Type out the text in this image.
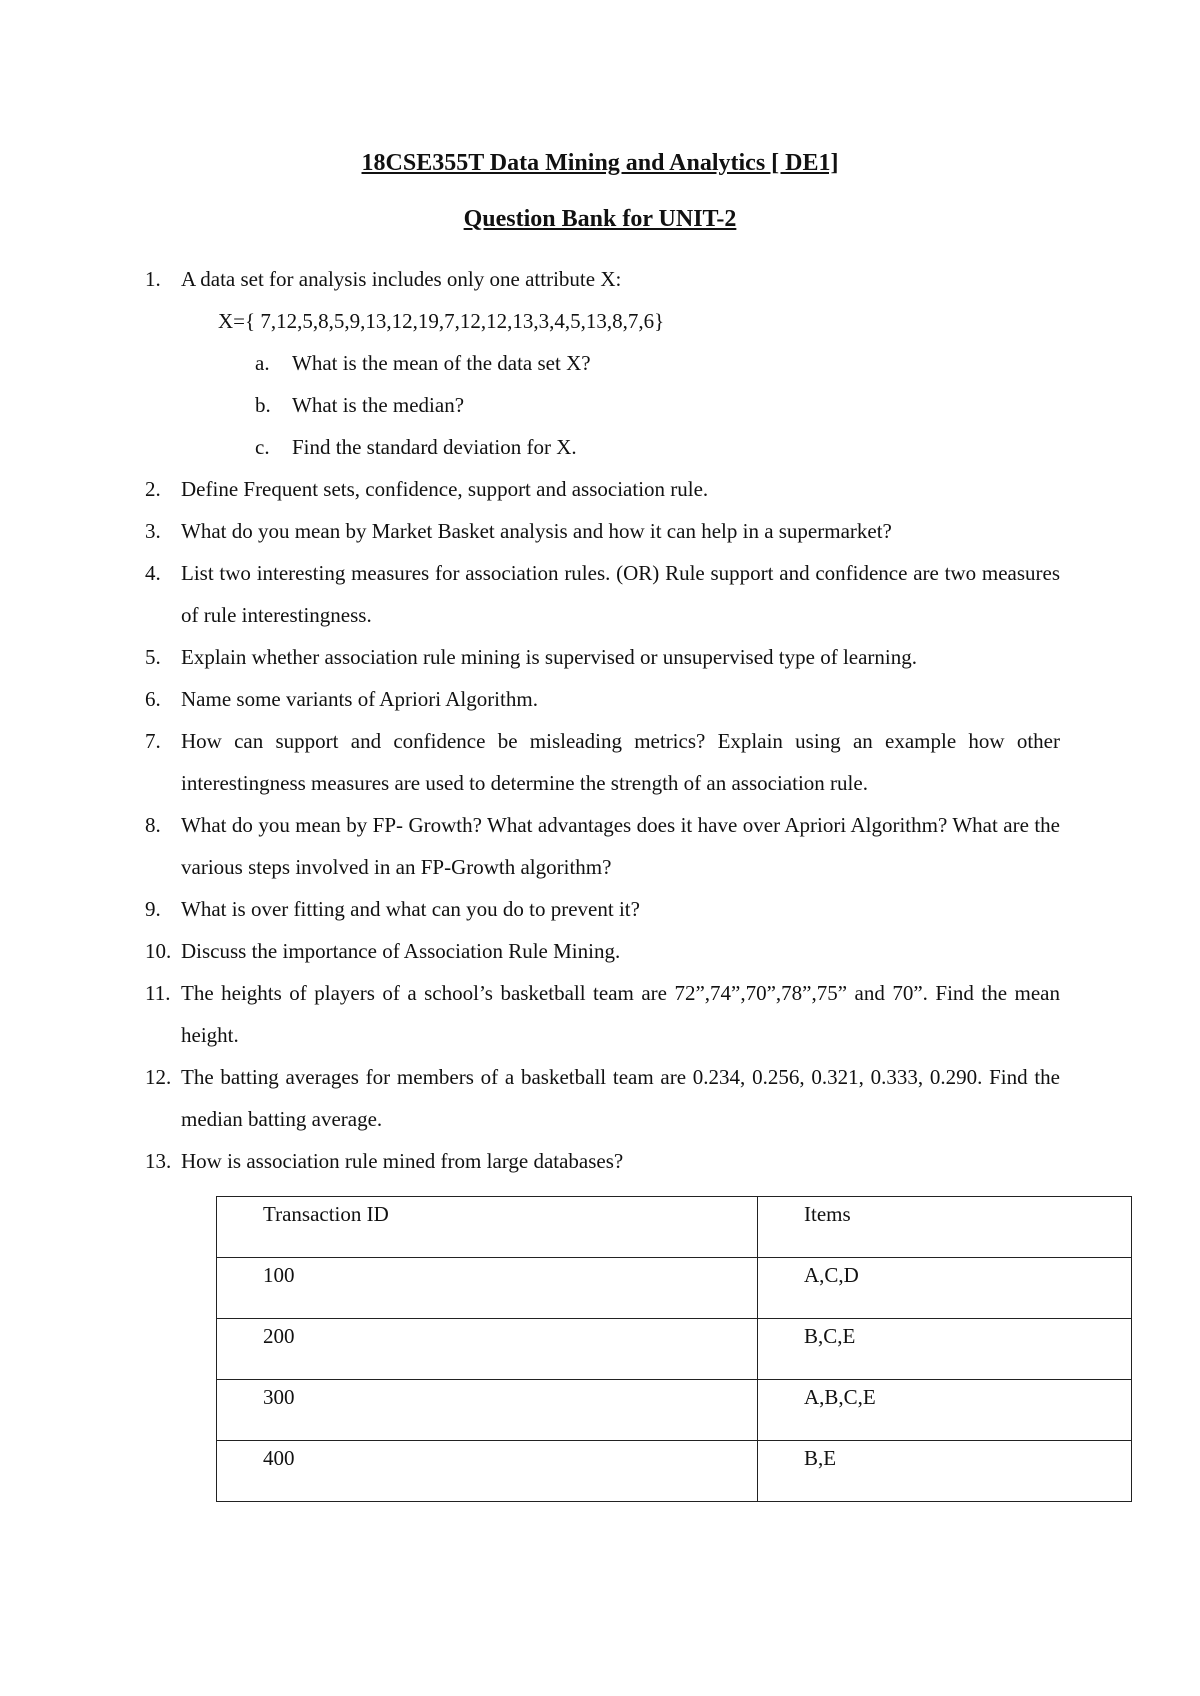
18CSE355T Data Mining and Analytics [ DE1]
Question Bank for UNIT-2
1. A data set for analysis includes only one attribute X:
X={ 7,12,5,8,5,9,13,12,19,7,12,12,13,3,4,5,13,8,7,6}
a. What is the mean of the data set X?
b. What is the median?
c. Find the standard deviation for X.
2. Define Frequent sets, confidence, support and association rule.
3. What do you mean by Market Basket analysis and how it can help in a supermarket?
4. List two interesting measures for association rules. (OR) Rule support and confidence are two measures of rule interestingness.
5. Explain whether association rule mining is supervised or unsupervised type of learning.
6. Name some variants of Apriori Algorithm.
7. How can support and confidence be misleading metrics? Explain using an example how other interestingness measures are used to determine the strength of an association rule.
8. What do you mean by FP- Growth? What advantages does it have over Apriori Algorithm? What are the various steps involved in an FP-Growth algorithm?
9. What is over fitting and what can you do to prevent it?
10. Discuss the importance of Association Rule Mining.
11. The heights of players of a school’s basketball team are 72”,74”,70”,78”,75” and 70”. Find the mean height.
12. The batting averages for members of a basketball team are 0.234, 0.256, 0.321, 0.333, 0.290. Find the median batting average.
13. How is association rule mined from large databases?
Transaction ID	Items
100	A,C,D
200	B,C,E
300	A,B,C,E
400	B,E
